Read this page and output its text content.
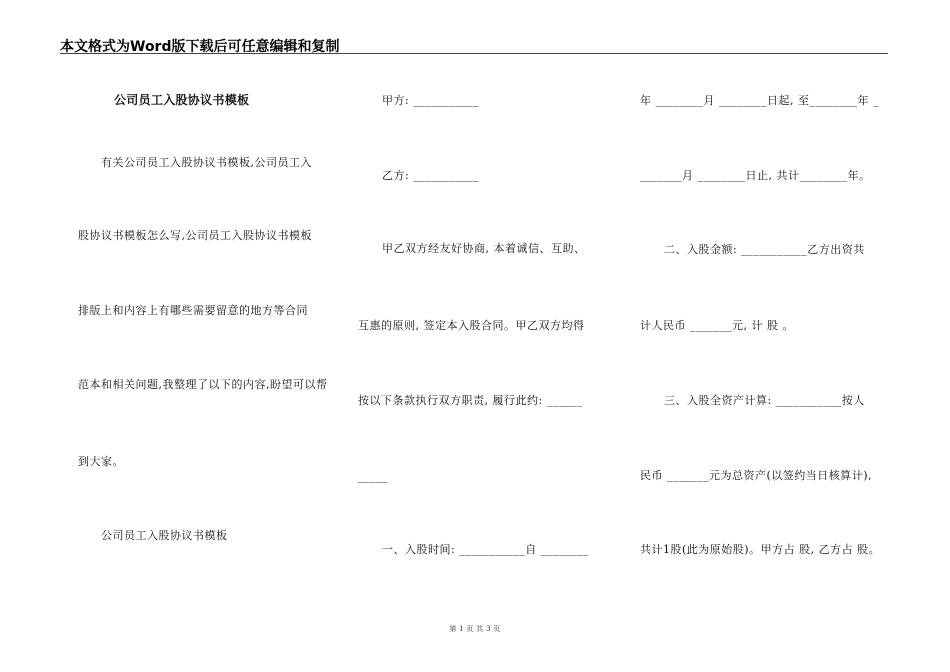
本文格式为Word版下载后可任意编辑和复制
公司员工入股协议书模板
有关公司员工入股协议书模板,公司员工入
股协议书模板怎么写,公司员工入股协议书模板
排版上和内容上有哪些需要留意的地方等合同
范本和相关问题,我整理了以下的内容,盼望可以帮
到大家。
公司员工入股协议书模板
甲方: ___________
乙方: ___________
甲乙双方经友好协商, 本着诚信、互助、
互惠的原则, 签定本入股合同。甲乙双方均得
按以下条款执行双方职责, 履行此约: ______
_____
一、入股时间: ___________自 ________
年 ________月 ________日起, 至________年 _
_______月 ________日止, 共计________年。
二、入股金额: ___________乙方出资共
计人民币 _______元, 计 股 。
三、入股全资产计算: ___________按人
民币 _______元为总资产(以签约当日核算计),
共计1股(此为原始股)。甲方占 股, 乙方占 股。
第 1 页 共 3 页
